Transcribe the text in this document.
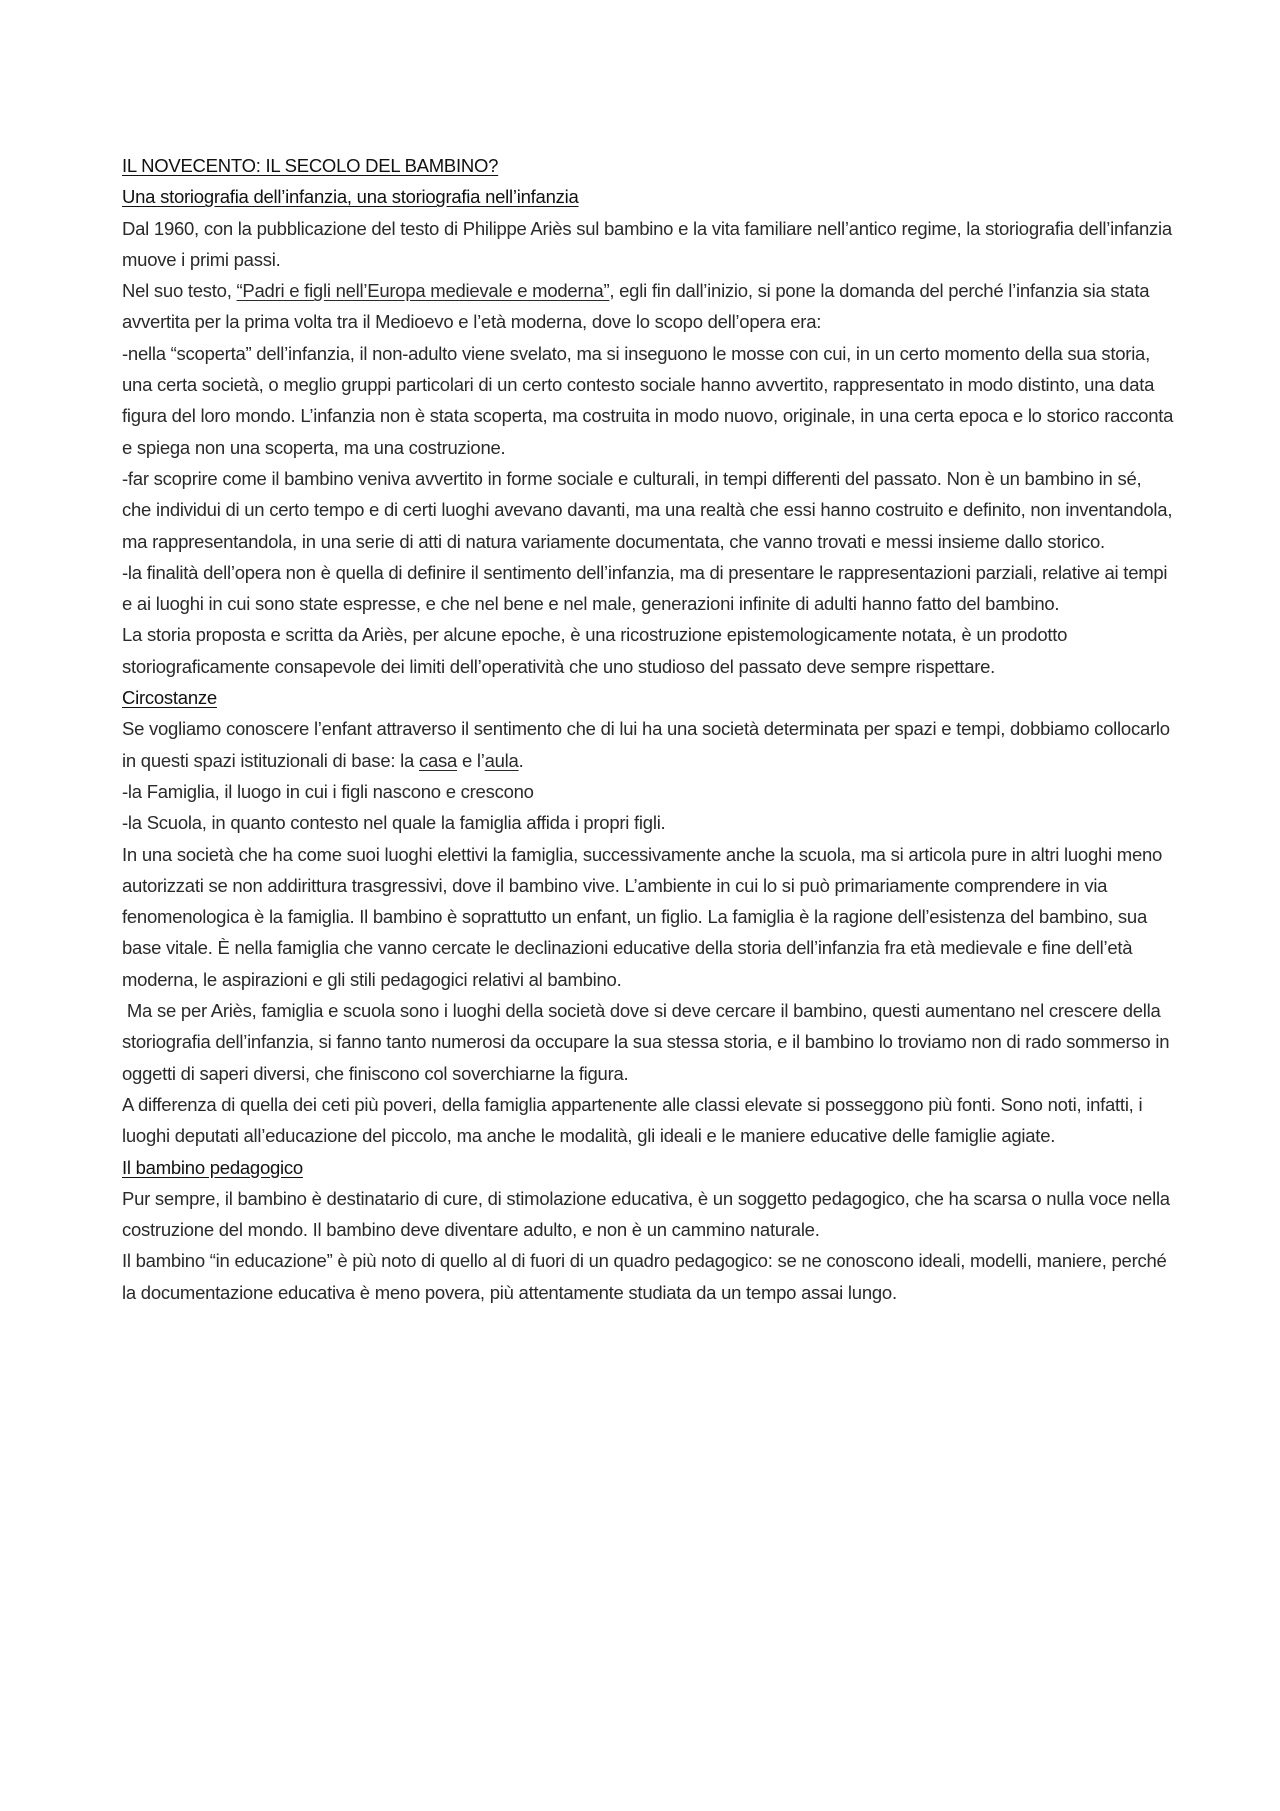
IL NOVECENTO: IL SECOLO DEL BAMBINO?

Una storiografia dell’infanzia, una storiografia nell’infanzia

Dal 1960, con la pubblicazione del testo di Philippe Ariès sul bambino e la vita familiare nell’antico regime, la storiografia dell’infanzia muove i primi passi.

Nel suo testo, “Padri e figli nell’Europa medievale e moderna”, egli fin dall’inizio, si pone la domanda del perché l’infanzia sia stata avvertita per la prima volta tra il Medioevo e l’età moderna, dove lo scopo dell’opera era:

-nella “scoperta” dell’infanzia, il non-adulto viene svelato, ma si inseguono le mosse con cui, in un certo momento della sua storia, una certa società, o meglio gruppi particolari di un certo contesto sociale hanno avvertito, rappresentato in modo distinto, una data figura del loro mondo. L’infanzia non è stata scoperta, ma costruita in modo nuovo, originale, in una certa epoca e lo storico racconta e spiega non una scoperta, ma una costruzione.

-far scoprire come il bambino veniva avvertito in forme sociale e culturali, in tempi differenti del passato. Non è un bambino in sé, che individui di un certo tempo e di certi luoghi avevano davanti, ma una realtà che essi hanno costruito e definito, non inventandola, ma rappresentandola, in una serie di atti di natura variamente documentata, che vanno trovati e messi insieme dallo storico.

-la finalità dell’opera non è quella di definire il sentimento dell’infanzia, ma di presentare le rappresentazioni parziali, relative ai tempi e ai luoghi in cui sono state espresse, e che nel bene e nel male, generazioni infinite di adulti hanno fatto del bambino.

La storia proposta e scritta da Ariès, per alcune epoche, è una ricostruzione epistemologicamente notata, è un prodotto storiograficamente consapevole dei limiti dell’operatività che uno studioso del passato deve sempre rispettare.

Circostanze

Se vogliamo conoscere l’enfant attraverso il sentimento che di lui ha una società determinata per spazi e tempi, dobbiamo collocarlo in questi spazi istituzionali di base: la casa e l’aula.

-la Famiglia, il luogo in cui i figli nascono e crescono

-la Scuola, in quanto contesto nel quale la famiglia affida i propri figli.

In una società che ha come suoi luoghi elettivi la famiglia, successivamente anche la scuola, ma si articola pure in altri luoghi meno autorizzati se non addirittura trasgressivi, dove il bambino vive. L’ambiente in cui lo si può primariamente comprendere in via fenomenologica è la famiglia. Il bambino è soprattutto un enfant, un figlio. La famiglia è la ragione dell’esistenza del bambino, sua base vitale. È nella famiglia che vanno cercate le declinazioni educative della storia dell’infanzia fra età medievale e fine dell’età moderna, le aspirazioni e gli stili pedagogici relativi al bambino.

Ma se per Ariès, famiglia e scuola sono i luoghi della società dove si deve cercare il bambino, questi aumentano nel crescere della storiografia dell’infanzia, si fanno tanto numerosi da occupare la sua stessa storia, e il bambino lo troviamo non di rado sommerso in oggetti di saperi diversi, che finiscono col soverchiarne la figura.

A differenza di quella dei ceti più poveri, della famiglia appartenente alle classi elevate si posseggono più fonti. Sono noti, infatti, i luoghi deputati all’educazione del piccolo, ma anche le modalità, gli ideali e le maniere educative delle famiglie agiate.

Il bambino pedagogico

Pur sempre, il bambino è destinatario di cure, di stimolazione educativa, è un soggetto pedagogico, che ha scarsa o nulla voce nella costruzione del mondo. Il bambino deve diventare adulto, e non è un cammino naturale.

Il bambino “in educazione” è più noto di quello al di fuori di un quadro pedagogico: se ne conoscono ideali, modelli, maniere, perché la documentazione educativa è meno povera, più attentamente studiata da un tempo assai lungo.
